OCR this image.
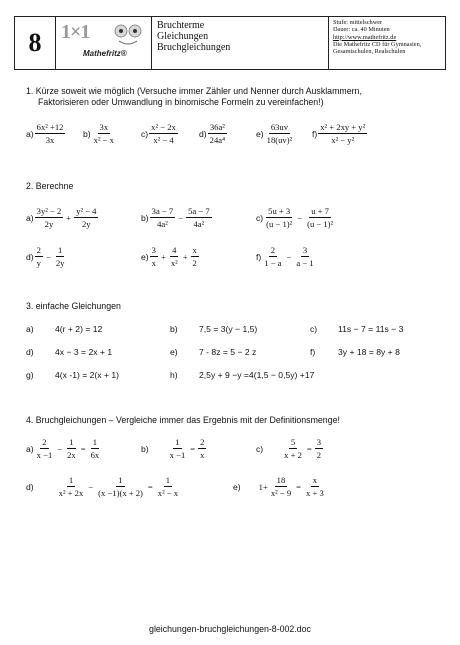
8 1×1
Mathefritz®
Bruchterme
Gleichungen
Bruchgleichungen
Stufe: mittelschwer
Dauer: ca. 40 Minuten
http://www.mathefritz.de
Die Mathefritz CD für Gymnasien,
Gesamtschulen, Realschulen
1. Kürze soweit wie möglich (Versuche immer Zähler und Nenner durch Ausklammern,
Faktorisieren oder Umwandlung in binomische Formeln zu vereinfachen!)
$a) \frac{\text{6x² +12}}{3x} b) \frac{3x}{\text{x² − x}}$	$c) \frac{\text{x² − 2x}}{\text{x² − 4}} d) \frac{\text{36a²}}{\text{24a⁴}}$	$e) \frac{63uv}{\text{18(uv)²}} f) \frac{\text{x² + 2xy + y²}}{\text{x² − y²}}$
2. Berechne
$a) \frac{\text{3y² − 2}}{2y} + \frac{\text{y² − 4}}{2y}$	$b) \frac{3a - 7}{\text{4a²}} - \frac{5a - 7}{\text{4a²}}$	$c) \frac{5u + 3}{\text{(u − 1)²}} - \frac{u + 7}{\text{(u − 1)²}}$
$d) \frac{2}{y} - \frac{1}{2y}$	$e) \frac{3}{x} + \frac{4}{\text{x²}} + \frac{x}{2}$	$f) \frac{2}{1 - a} - \frac{3}{a - 1}$
3. einfache Gleichungen
a) 4(r + 2) = 12	b) 7,5 = 3(y − 1,5)	c) 11s − 7 = 11s − 3
d) 4x − 3 = 2x + 1	e) 7 - 8z = 5 − 2 z	f)	3y + 18 = 8y + 8
g) 4(x -1) = 2(x + 1)	h) 2,5y + 9 −y =4(1,5 − 0,5y) +17
4. Bruchgleichungen – Vergleiche immer das Ergebnis mit der Definitionsmenge!
$a) \frac{2}{x -1} - \frac{1}{2x} = \frac{1}{6x}$	$b) \frac{1}{x -1} = \frac{2}{x}$	$c) \frac{5}{x + 2} = \frac{3}{2}$
d)	$\frac{1}{\text{x² + 2x}} - \frac{1}{(x -1)(x + 2)} = \frac{1}{\text{x² − x}}$	e) $1+ \frac{18}{\text{x² − 9}} = \frac{x}{x + 3}$
gleichungen-bruchgleichungen-8-002.doc
